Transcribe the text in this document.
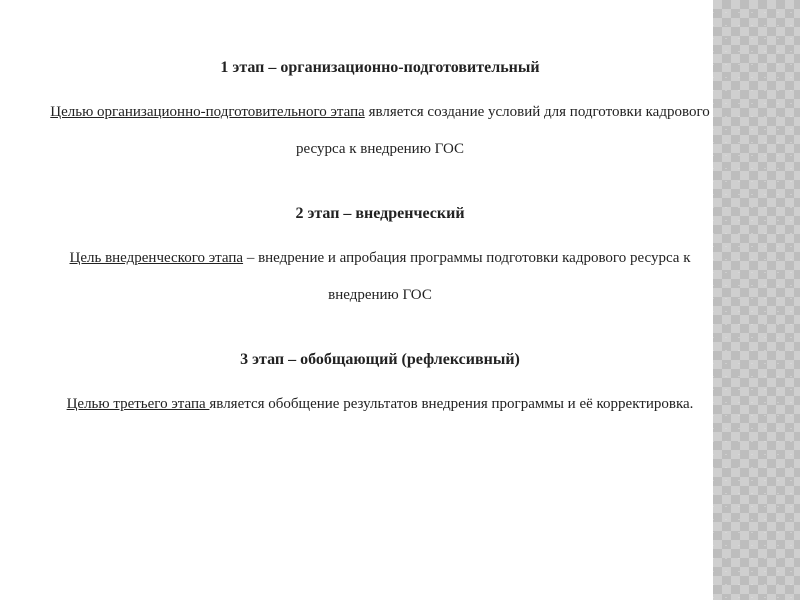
1 этап – организационно-подготовительный

Целью организационно-подготовительного этапа является создание условий для подготовки кадрового ресурса к внедрению ГОС

2 этап – внедренческий

Цель внедренческого этапа – внедрение и апробация программы подготовки кадрового ресурса к внедрению ГОС

3 этап – обобщающий (рефлексивный)

Целью третьего этапа является обобщение результатов внедрения программы и её корректировка.
